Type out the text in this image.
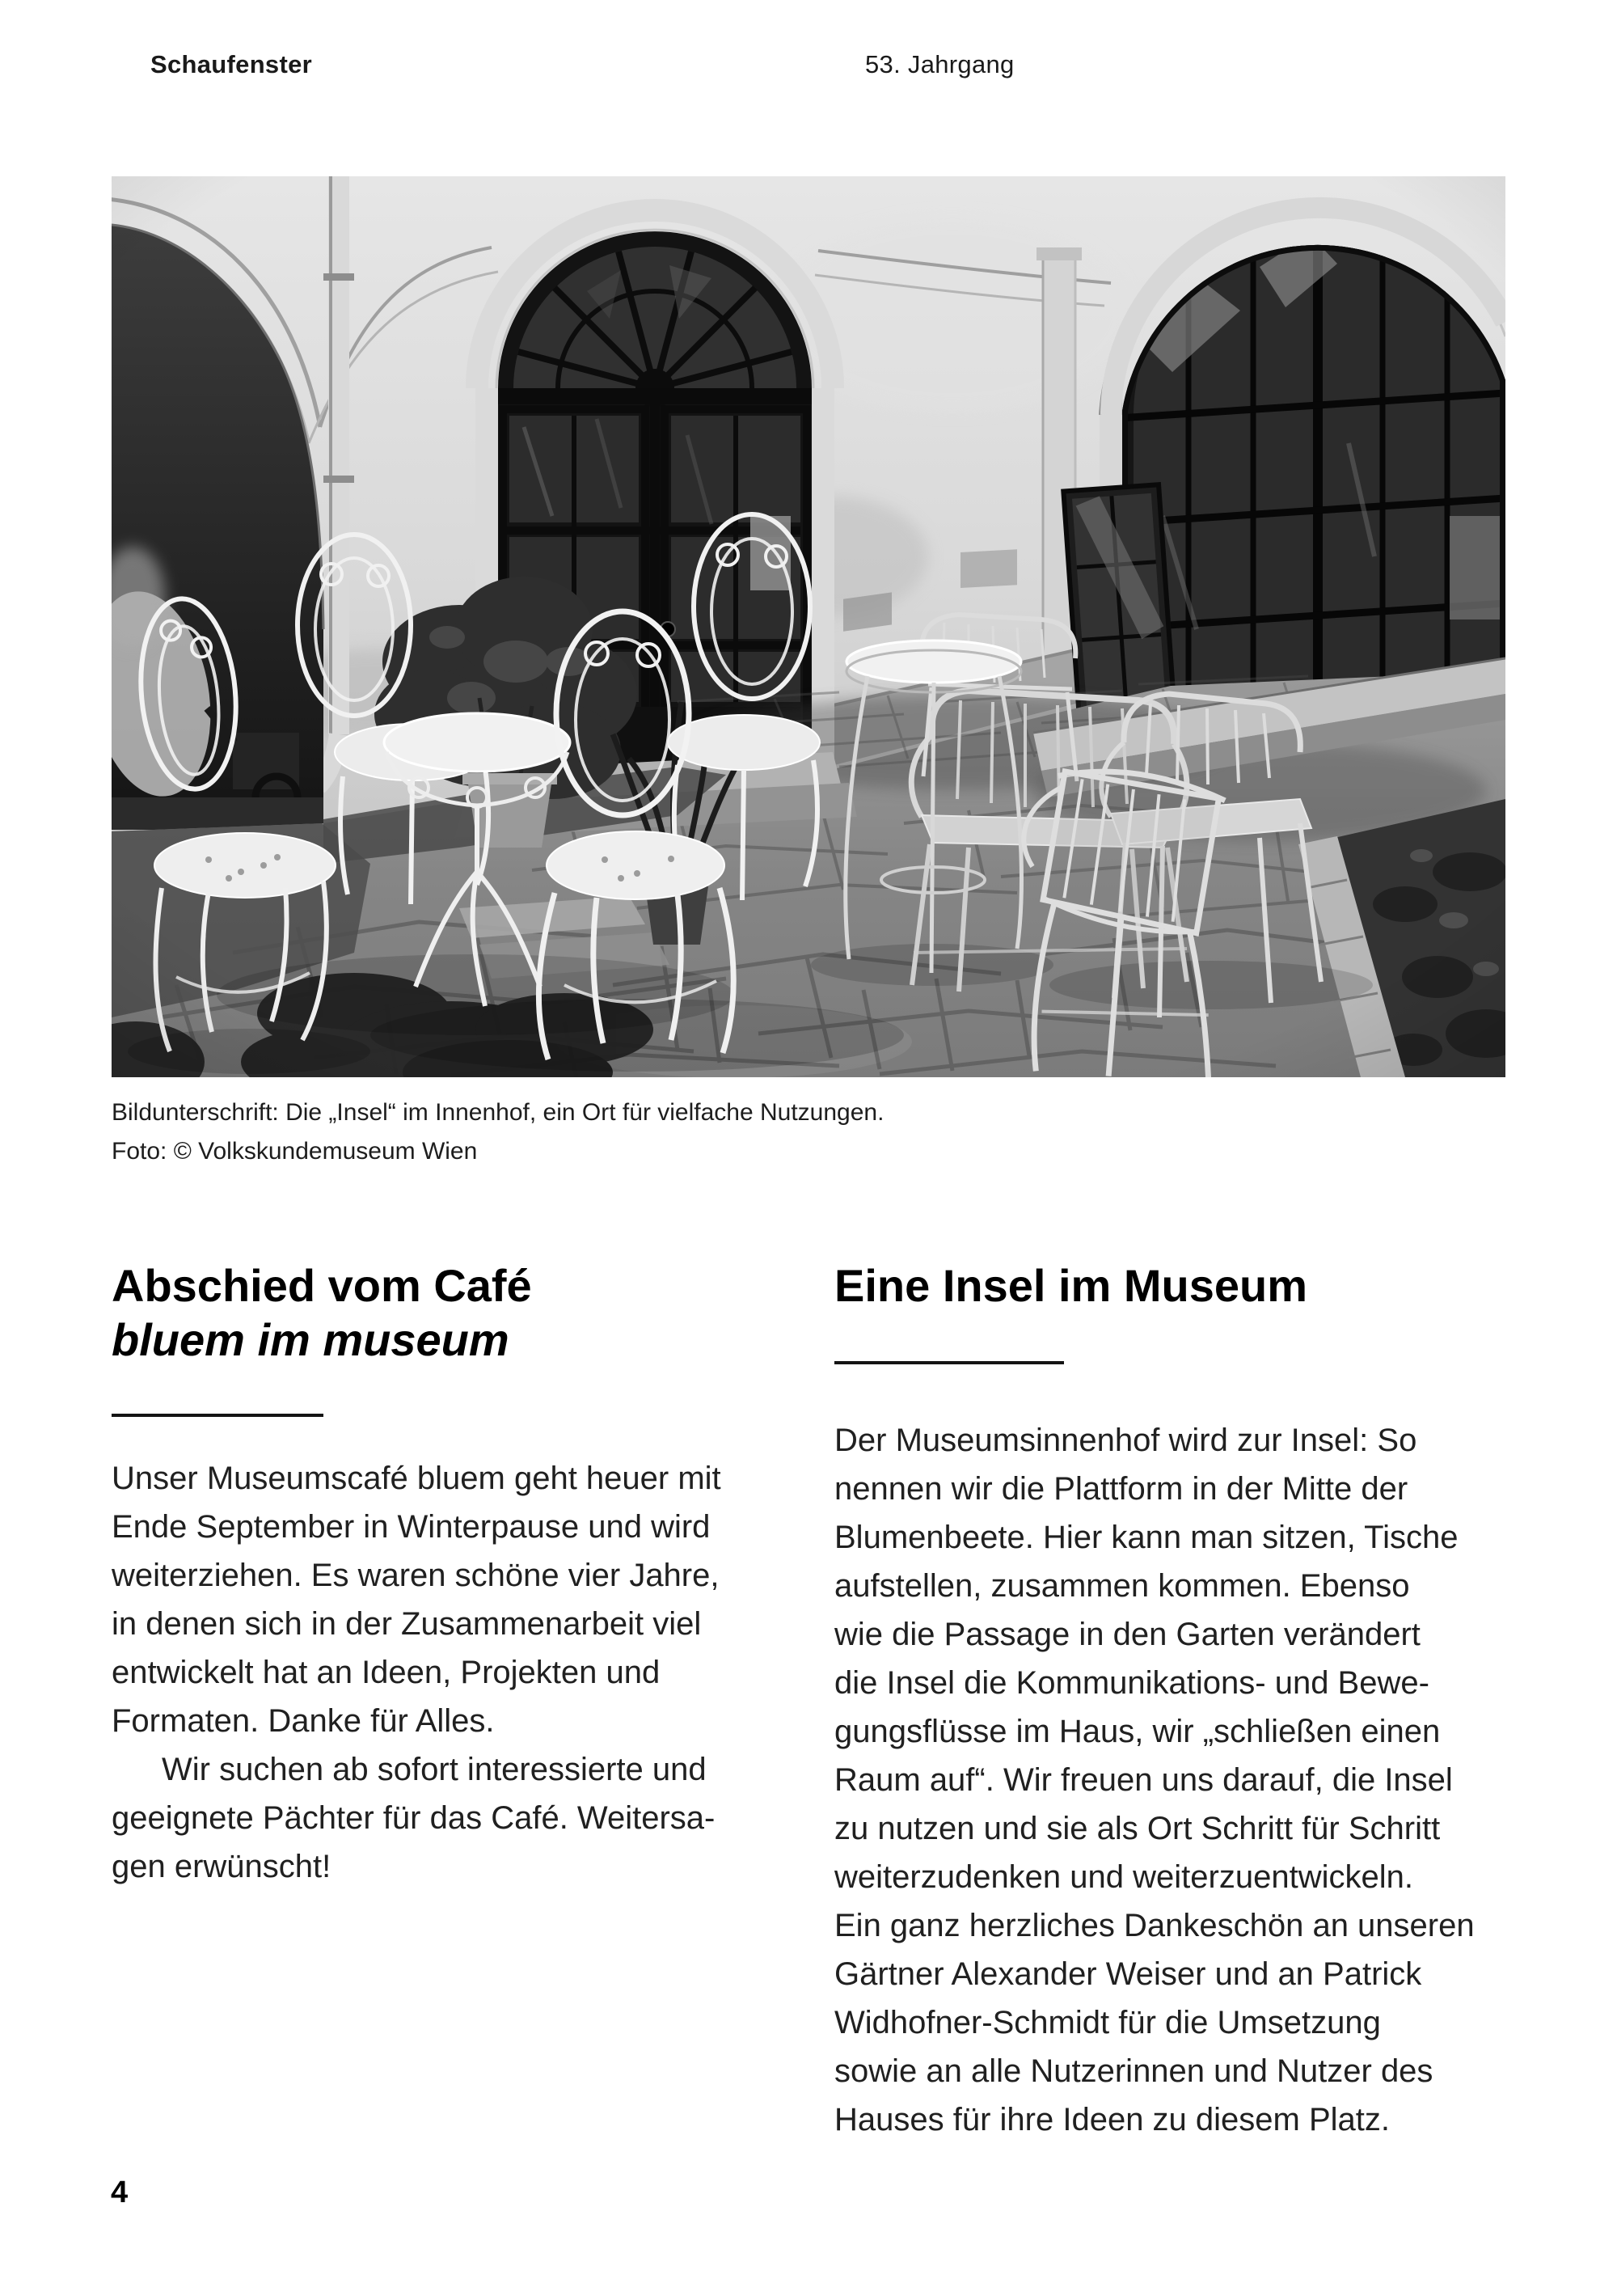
Schaufenster	53. Jahrgang
Bildunterschrift: Die „Insel“ im Innenhof, ein Ort für vielfache Nutzungen.
Foto: © Volkskundemuseum Wien
Abschied vom Café
bluem im museum
Unser Museumscafé bluem geht heuer mit
Ende September in Winterpause und wird
weiterziehen. Es waren schöne vier Jahre,
in denen sich in der Zusammenarbeit viel
entwickelt hat an Ideen, Projekten und
Formaten. Danke für Alles.
Wir suchen ab sofort interessierte und
geeignete Pächter für das Café. Weitersa-
gen erwünscht!
Eine Insel im Museum
Der Museumsinnenhof wird zur Insel: So
nennen wir die Plattform in der Mitte der
Blumenbeete. Hier kann man sitzen, Tische
aufstellen, zusammen kommen. Ebenso
wie die Passage in den Garten verändert
die Insel die Kommunikations- und Bewe-
gungsflüsse im Haus, wir „schließen einen
Raum auf“. Wir freuen uns darauf, die Insel
zu nutzen und sie als Ort Schritt für Schritt
weiterzudenken und weiterzuentwickeln.
Ein ganz herzliches Dankeschön an unseren
Gärtner Alexander Weiser und an Patrick
Widhofner-Schmidt für die Umsetzung
sowie an alle Nutzerinnen und Nutzer des
Hauses für ihre Ideen zu diesem Platz.
4
